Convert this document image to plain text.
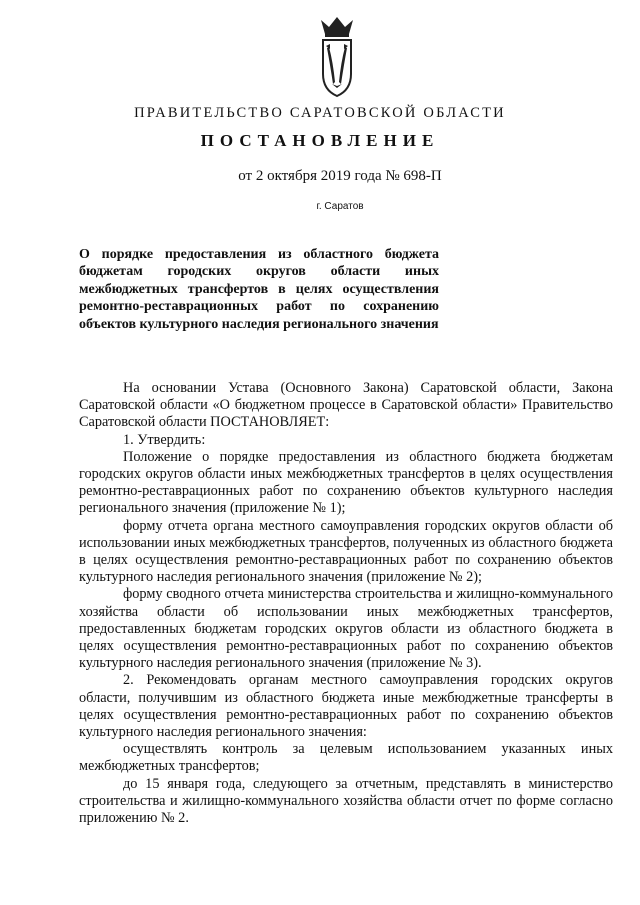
ПРАВИТЕЛЬСТВО САРАТОВСКОЙ ОБЛАСТИ
ПОСТАНОВЛЕНИЕ
от 2 октября 2019 года № 698-П
г. Саратов

О порядке предоставления из областного бюджета бюджетам городских округов области иных межбюджетных трансфертов в целях осуществления ремонтно-реставрационных работ по сохранению объектов культурного наследия регионального значения

На основании Устава (Основного Закона) Саратовской области, Закона Саратовской области «О бюджетном процессе в Саратовской области» Правительство Саратовской области ПОСТАНОВЛЯЕТ:

1. Утвердить:

Положение о порядке предоставления из областного бюджета бюджетам городских округов области иных межбюджетных трансфертов в целях осуществления ремонтно-реставрационных работ по сохранению объектов культурного наследия регионального значения (приложение № 1);

форму отчета органа местного самоуправления городских округов области об использовании иных межбюджетных трансфертов, полученных из областного бюджета в целях осуществления ремонтно-реставрационных работ по сохранению объектов культурного наследия регионального значения (приложение № 2);

форму сводного отчета министерства строительства и жилищно-коммунального хозяйства области об использовании иных межбюджетных трансфертов, предоставленных бюджетам городских округов области из областного бюджета в целях осуществления ремонтно-реставрационных работ по сохранению объектов культурного наследия регионального значения (приложение № 3).

2. Рекомендовать органам местного самоуправления городских округов области, получившим из областного бюджета иные межбюджетные трансферты в целях осуществления ремонтно-реставрационных работ по сохранению объектов культурного наследия регионального значения:

осуществлять контроль за целевым использованием указанных иных межбюджетных трансфертов;

до 15 января года, следующего за отчетным, представлять в министерство строительства и жилищно-коммунального хозяйства области отчет по форме согласно приложению № 2.
